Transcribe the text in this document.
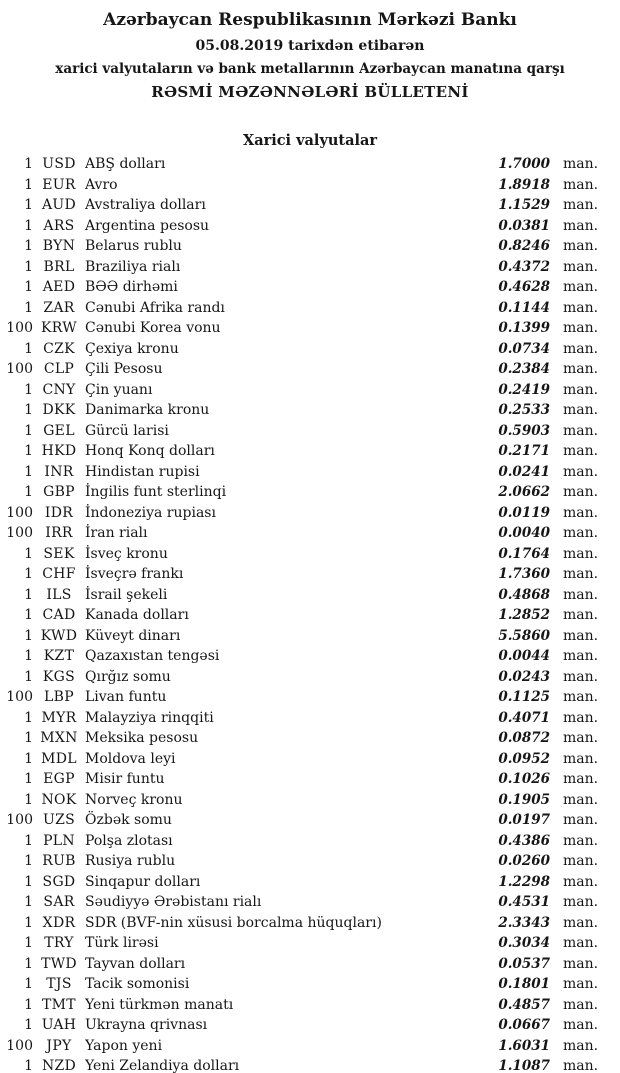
Azərbaycan Respublikasının Mərkəzi Bankı
05.08.2019 tarixdən etibarən
xarici valyutaların və bank metallarının Azərbaycan manatına qarşı
RƏSMİ MƏZƏNNƏLƏRİ BÜLLETENİ
Xarici valyutalar
1 USD ABŞ dolları	1.7000 man.
1 EUR Avro	1.8918 man.
1 AUD Avstraliya dolları	1.1529 man.
1 ARS Argentina pesosu	0.0381 man.
1 BYN Belarus rublu	0.8246 man.
1 BRL Braziliya rialı	0.4372 man.
1 AED BƏƏ dirhəmi	0.4628 man.
1 ZAR Cənubi Afrika randı	0.1144 man.
100 KRW Cənubi Korea vonu	0.1399 man.
1 CZK Çexiya kronu	0.0734 man.
100 CLP Çili Pesosu	0.2384 man.
1 CNY Çin yuanı	0.2419 man.
1 DKK Danimarka kronu	0.2533 man.
1 GEL Gürcü larisi	0.5903 man.
1 HKD Honq Konq dolları	0.2171 man.
1 INR Hindistan rupisi	0.0241 man.
1 GBP İngilis funt sterlinqi	2.0662 man.
100 IDR İndoneziya rupiası	0.0119 man.
100 IRR İran rialı	0.0040 man.
1 SEK İsveç kronu	0.1764 man.
1 CHF İsveçrə frankı	1.7360 man.
1 ILS İsrail şekeli	0.4868 man.
1 CAD Kanada dolları	1.2852 man.
1 KWD Küveyt dinarı	5.5860 man.
1 KZT Qazaxıstan tengəsi	0.0044 man.
1 KGS Qırğız somu	0.0243 man.
100 LBP Livan funtu	0.1125 man.
1 MYR Malayziya rinqqiti	0.4071 man.
1 MXN Meksika pesosu	0.0872 man.
1 MDL Moldova leyi	0.0952 man.
1 EGP Misir funtu	0.1026 man.
1 NOK Norveç kronu	0.1905 man.
100 UZS Özbək somu	0.0197 man.
1 PLN Polşa zlotası	0.4386 man.
1 RUB Rusiya rublu	0.0260 man.
1 SGD Sinqapur dolları	1.2298 man.
1 SAR Səudiyyə Ərəbistanı rialı	0.4531 man.
1 XDR SDR (BVF-nin xüsusi borcalma hüquqları)	2.3343 man.
1 TRY Türk lirəsi	0.3034 man.
1 TWD Tayvan dolları	0.0537 man.
1 TJS Tacik somonisi	0.1801 man.
1 TMT Yeni türkmən manatı	0.4857 man.
1 UAH Ukrayna qrivnası	0.0667 man.
100 JPY Yapon yeni	1.6031 man.
1 NZD Yeni Zelandiya dolları	1.1087 man.
